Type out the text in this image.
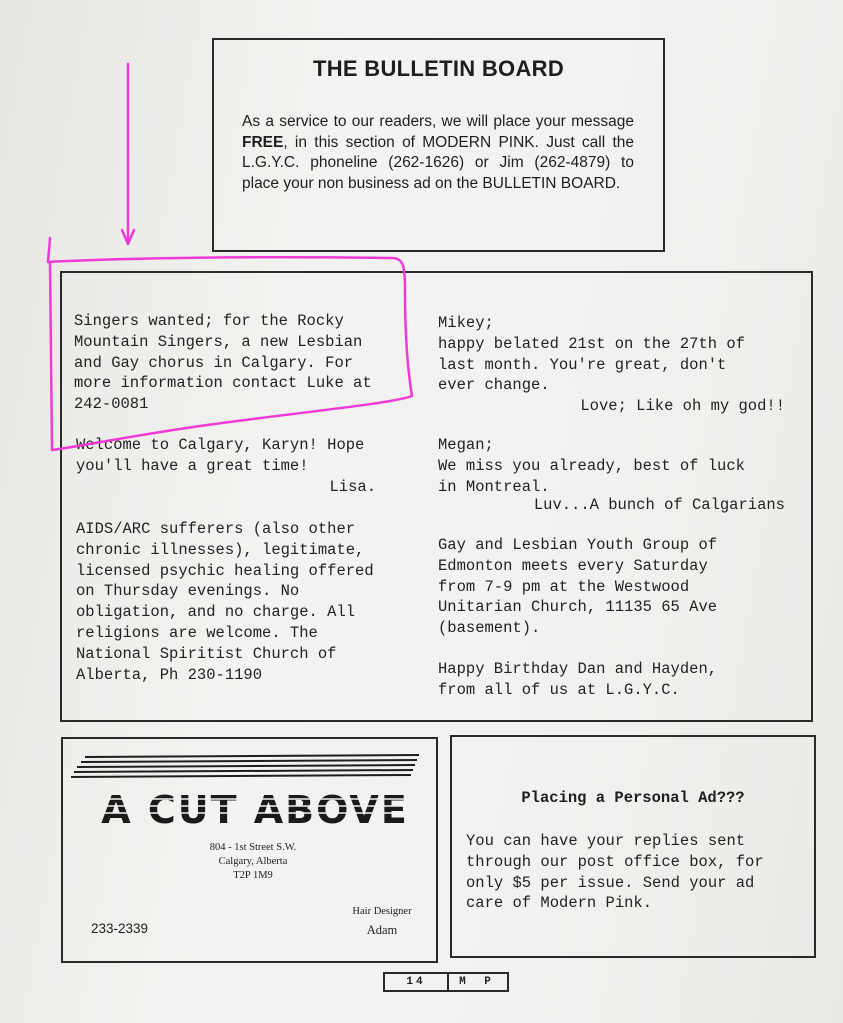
THE BULLETIN BOARD
As a service to our readers, we will place your message FREE, in this section of MODERN PINK. Just call the L.G.Y.C. phoneline (262-1626) or Jim (262-4879) to place your non business ad on the BULLETIN BOARD.
Singers wanted; for the Rocky
Mountain Singers, a new Lesbian
and Gay chorus in Calgary. For
more information contact Luke at
242-0081
Welcome to Calgary, Karyn! Hope
you'll have a great time!
Lisa.
AIDS/ARC sufferers (also other
chronic illnesses), legitimate,
licensed psychic healing offered
on Thursday evenings. No
obligation, and no charge. All
religions are welcome. The
National Spiritist Church of
Alberta, Ph 230-1190
Mikey;
happy belated 21st on the 27th of
last month. You're great, don't
ever change.
Love; Like oh my god!!
Megan;
We miss you already, best of luck
in Montreal.
Luv...A bunch of Calgarians
Gay and Lesbian Youth Group of
Edmonton meets every Saturday
from 7-9 pm at the Westwood
Unitarian Church, 11135 65 Ave
(basement).
Happy Birthday Dan and Hayden,
from all of us at L.G.Y.C.
A CUT ABOVE
804 - 1st Street S.W.
Calgary, Alberta
T2P 1M9
Hair Designer
Adam
233-2339
Placing a Personal Ad???
You can have your replies sent
through our post office box, for
only $5 per issue. Send your ad
care of Modern Pink.
14	M P
